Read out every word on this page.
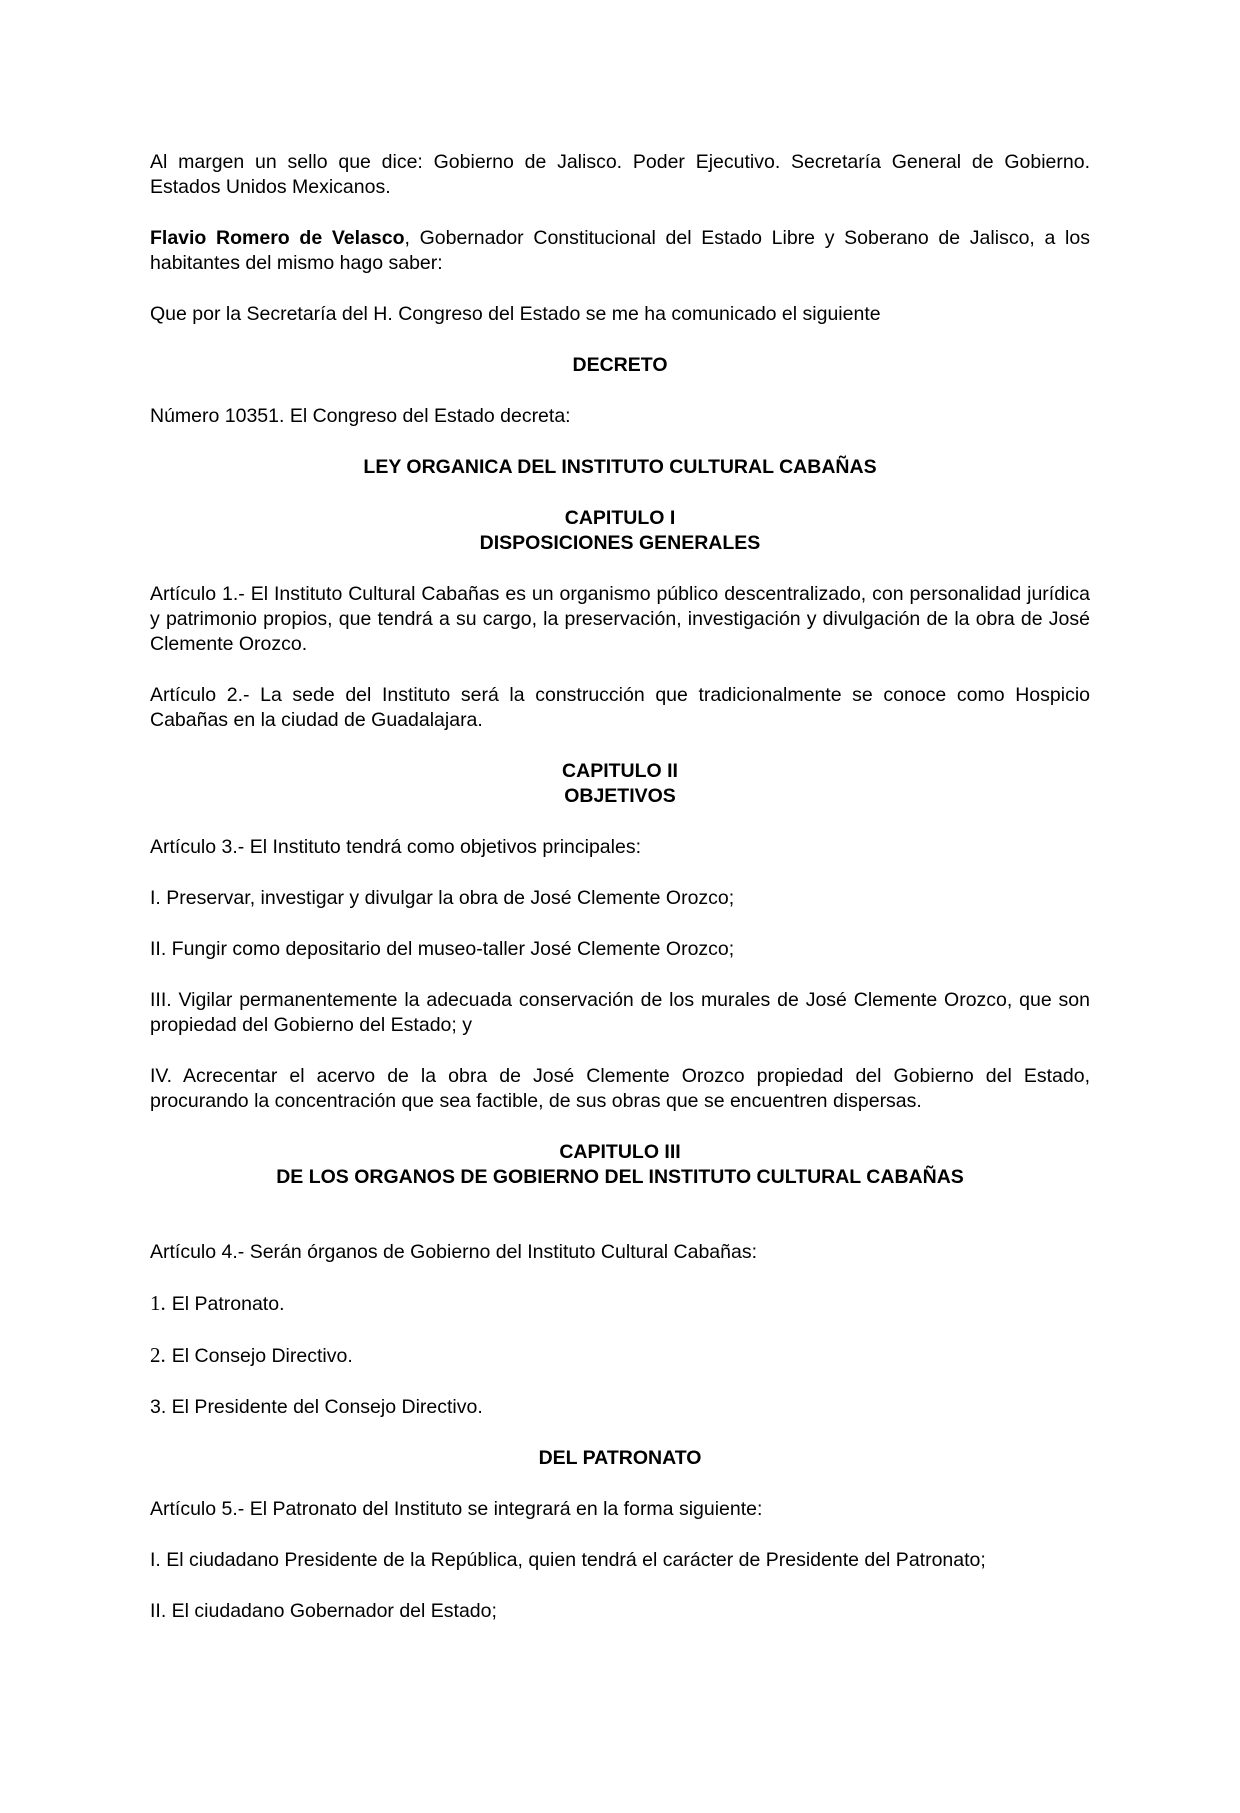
Al margen un sello que dice: Gobierno de Jalisco. Poder Ejecutivo. Secretaría General de Gobierno. Estados Unidos Mexicanos.

Flavio Romero de Velasco, Gobernador Constitucional del Estado Libre y Soberano de Jalisco, a los habitantes del mismo hago saber:

Que por la Secretaría del H. Congreso del Estado se me ha comunicado el siguiente

DECRETO

Número 10351. El Congreso del Estado decreta:

LEY ORGANICA DEL INSTITUTO CULTURAL CABAÑAS
CAPITULO I
DISPOSICIONES GENERALES

Artículo 1.- El Instituto Cultural Cabañas es un organismo público descentralizado, con personalidad jurídica y patrimonio propios, que tendrá a su cargo, la preservación, investigación y divulgación de la obra de José Clemente Orozco.

Artículo 2.- La sede del Instituto será la construcción que tradicionalmente se conoce como Hospicio Cabañas en la ciudad de Guadalajara.

CAPITULO II
OBJETIVOS

Artículo 3.- El Instituto tendrá como objetivos principales:

I. Preservar, investigar y divulgar la obra de José Clemente Orozco;

II. Fungir como depositario del museo-taller José Clemente Orozco;

III. Vigilar permanentemente la adecuada conservación de los murales de José Clemente Orozco, que son propiedad del Gobierno del Estado; y

IV. Acrecentar el acervo de la obra de José Clemente Orozco propiedad del Gobierno del Estado, procurando la concentración que sea factible, de sus obras que se encuentren dispersas.

CAPITULO III
DE LOS ORGANOS DE GOBIERNO DEL INSTITUTO CULTURAL CABAÑAS

Artículo 4.- Serán órganos de Gobierno del Instituto Cultural Cabañas:

1. El Patronato.

2. El Consejo Directivo.

3. El Presidente del Consejo Directivo.

DEL PATRONATO

Artículo 5.- El Patronato del Instituto se integrará en la forma siguiente:

I. El ciudadano Presidente de la República, quien tendrá el carácter de Presidente del Patronato;

II. El ciudadano Gobernador del Estado;
